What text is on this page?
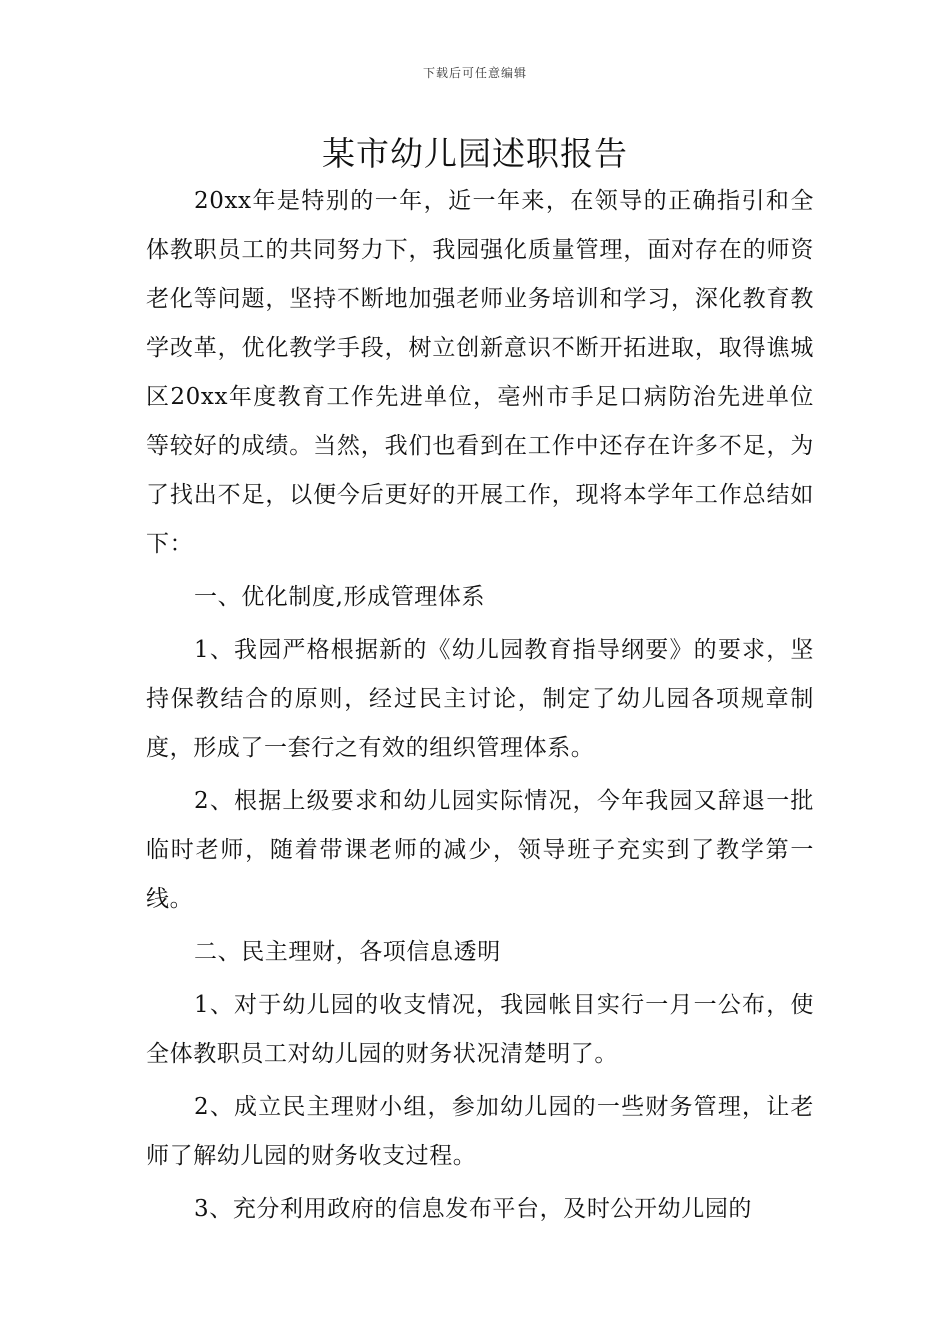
下载后可任意编辑
某市幼儿园述职报告

20xx年是特别的一年，近一年来，在领导的正确指引和全体教职员工的共同努力下，我园强化质量管理，面对存在的师资老化等问题，坚持不断地加强老师业务培训和学习，深化教育教学改革，优化教学手段，树立创新意识不断开拓进取，取得谯城区20xx年度教育工作先进单位，亳州市手足口病防治先进单位等较好的成绩。当然，我们也看到在工作中还存在许多不足，为了找出不足，以便今后更好的开展工作，现将本学年工作总结如下：

一、优化制度,形成管理体系

1、我园严格根据新的《幼儿园教育指导纲要》的要求，坚持保教结合的原则，经过民主讨论，制定了幼儿园各项规章制度，形成了一套行之有效的组织管理体系。

2、根据上级要求和幼儿园实际情况，今年我园又辞退一批临时老师，随着带课老师的减少，领导班子充实到了教学第一线。

二、民主理财，各项信息透明

1、对于幼儿园的收支情况，我园帐目实行一月一公布，使全体教职员工对幼儿园的财务状况清楚明了。

2、成立民主理财小组，参加幼儿园的一些财务管理，让老师了解幼儿园的财务收支过程。

3、充分利用政府的信息发布平台，及时公开幼儿园的
